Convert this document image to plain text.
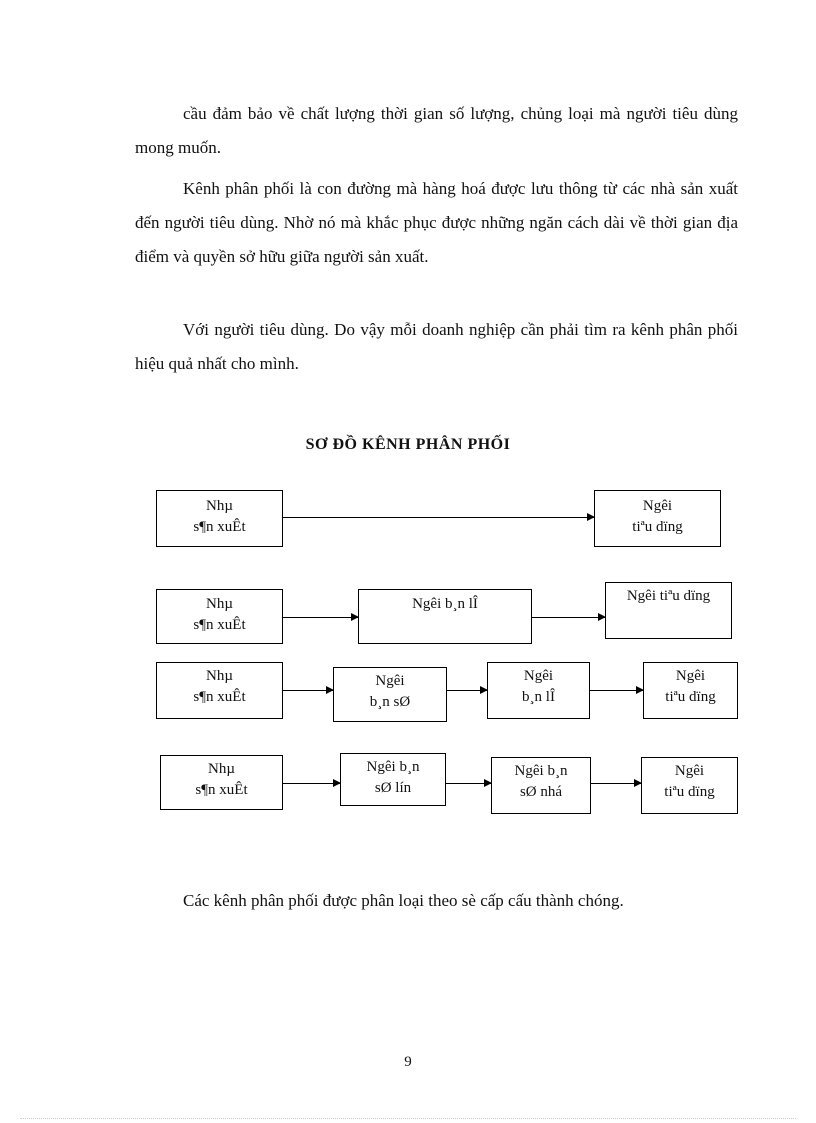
cầu đảm bảo về chất lượng thời gian số lượng, chủng loại mà người tiêu dùng mong muốn.

Kênh phân phối là con đường mà hàng hoá được lưu thông từ các nhà sản xuất đến người tiêu dùng. Nhờ nó mà khắc phục được những ngăn cách dài về thời gian địa điểm và quyền sở hữu giữa người sản xuất.

Với người tiêu dùng. Do vậy mỗi doanh nghiệp cần phải tìm ra kênh phân phối hiệu quả nhất cho mình.

SƠ ĐỒ KÊNH PHÂN PHỐI
Nhµ
s¶n xuÊt
Ngêi
tiªu dïng
Nhµ
s¶n xuÊt
Ngêi b¸n lÎ	Ngêi tiªu dïng
Nhµ
s¶n xuÊt
Ngêi
b¸n sØ
Ngêi
b¸n lÎ
Ngêi
tiªu dïng
Nhµ
s¶n xuÊt
Ngêi b¸n
sØ lín
Ngêi b¸n
sØ nhá
Ngêi
tiªu dïng

Các kênh phân phối được phân loại theo sè cấp cấu thành chóng.

9
